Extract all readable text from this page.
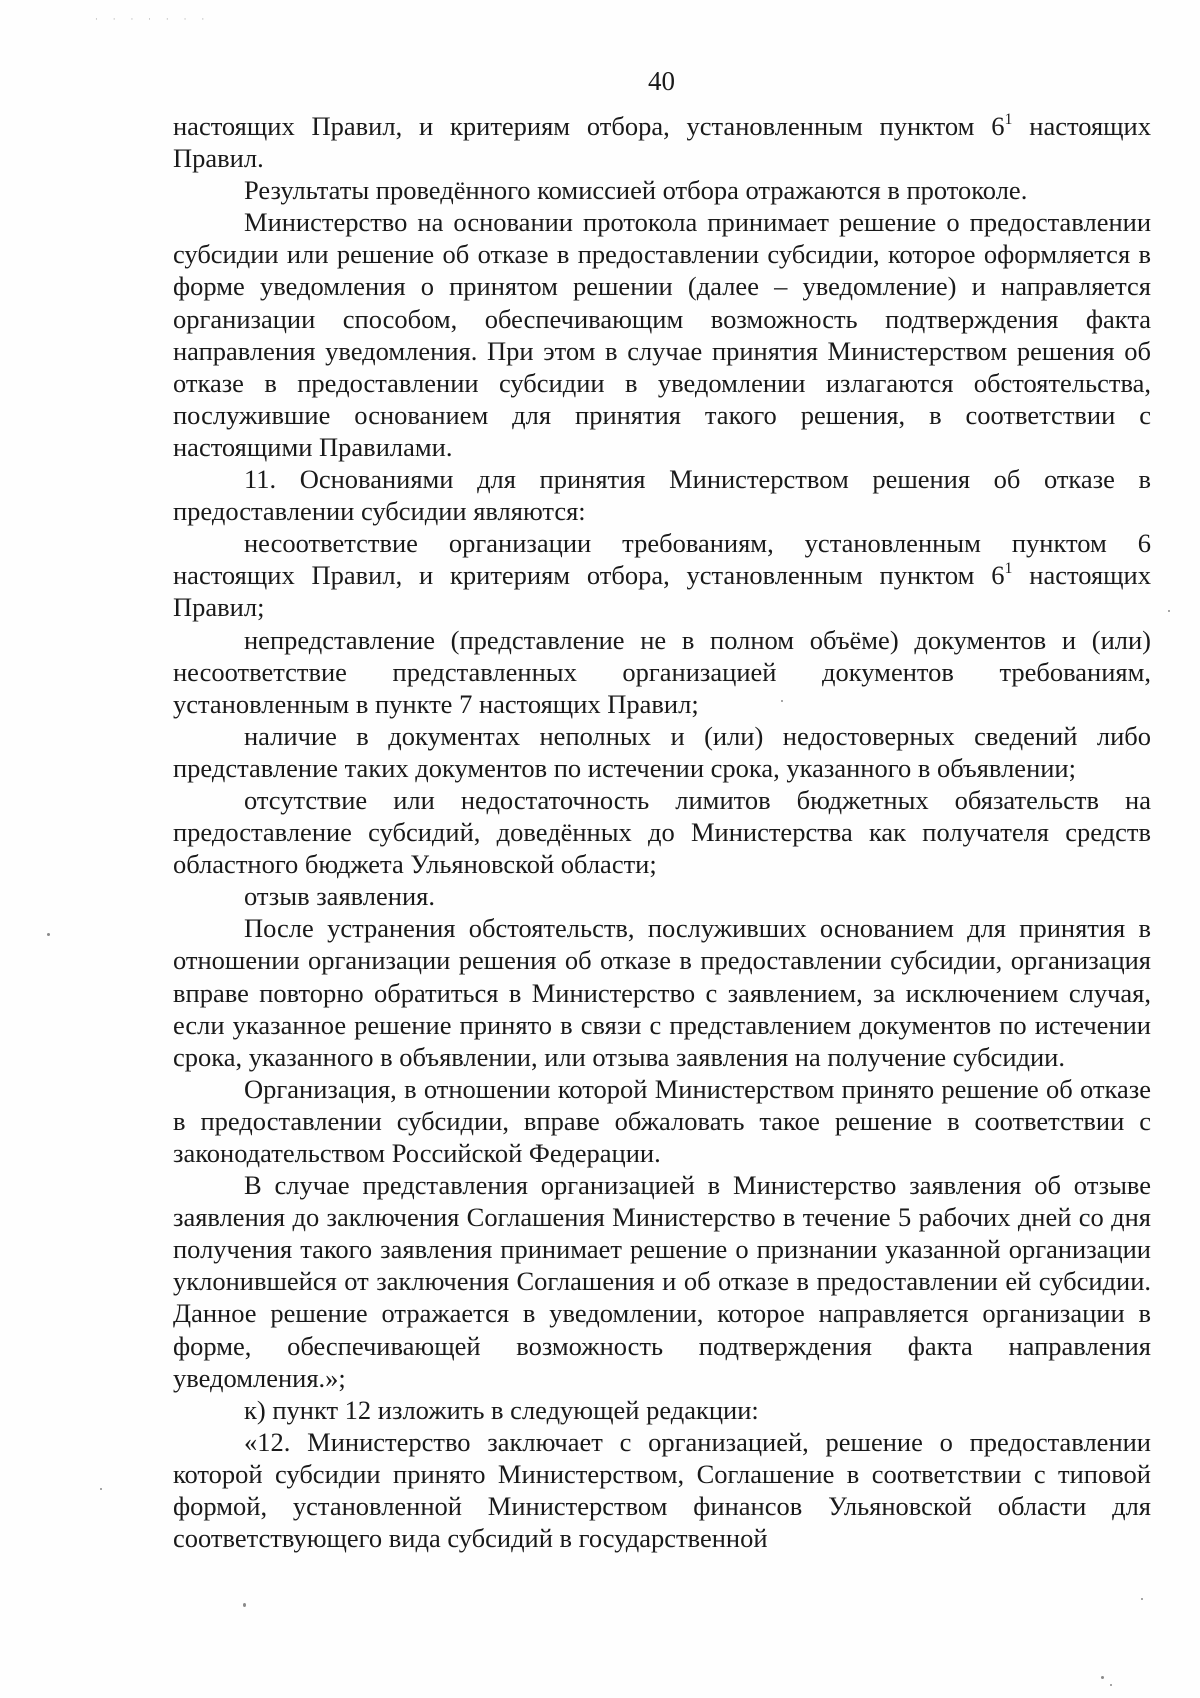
· · · · · · ·
40

настоящих Правил, и критериям отбора, установленным пунктом $6^1$ настоящих Правил.

Результаты проведённого комиссией отбора отражаются в протоколе.

Министерство на основании протокола принимает решение о предоставлении субсидии или решение об отказе в предоставлении субсидии, которое оформляется в форме уведомления о принятом решении (далее – уведомление) и направляется организации способом, обеспечивающим возможность подтверждения факта направления уведомления. При этом в случае принятия Министерством решения об отказе в предоставлении субсидии в уведомлении излагаются обстоятельства, послужившие основанием для принятия такого решения, в соответствии с настоящими Правилами.

11. Основаниями для принятия Министерством решения об отказе в предоставлении субсидии являются:

несоответствие организации требованиям, установленным пунктом 6 настоящих Правил, и критериям отбора, установленным пунктом $6^1$ настоящих Правил;

непредставление (представление не в полном объёме) документов и (или) несоответствие представленных организацией документов требованиям, установленным в пункте 7 настоящих Правил;

наличие в документах неполных и (или) недостоверных сведений либо представление таких документов по истечении срока, указанного в объявлении;

отсутствие или недостаточность лимитов бюджетных обязательств на предоставление субсидий, доведённых до Министерства как получателя средств областного бюджета Ульяновской области;

отзыв заявления.

После устранения обстоятельств, послуживших основанием для принятия в отношении организации решения об отказе в предоставлении субсидии, организация вправе повторно обратиться в Министерство с заявлением, за исключением случая, если указанное решение принято в связи с представлением документов по истечении срока, указанного в объявлении, или отзыва заявления на получение субсидии.

Организация, в отношении которой Министерством принято решение об отказе в предоставлении субсидии, вправе обжаловать такое решение в соответствии с законодательством Российской Федерации.

В случае представления организацией в Министерство заявления об отзыве заявления до заключения Соглашения Министерство в течение 5 рабочих дней со дня получения такого заявления принимает решение о признании указанной организации уклонившейся от заключения Соглашения и об отказе в предоставлении ей субсидии. Данное решение отражается в уведомлении, которое направляется организации в форме, обеспечивающей возможность подтверждения факта направления уведомления.»;

к) пункт 12 изложить в следующей редакции:

«12. Министерство заключает с организацией, решение о предоставлении которой субсидии принято Министерством, Соглашение в соответствии с типовой формой, установленной Министерством финансов Ульяновской области для соответствующего вида субсидий в государственной
